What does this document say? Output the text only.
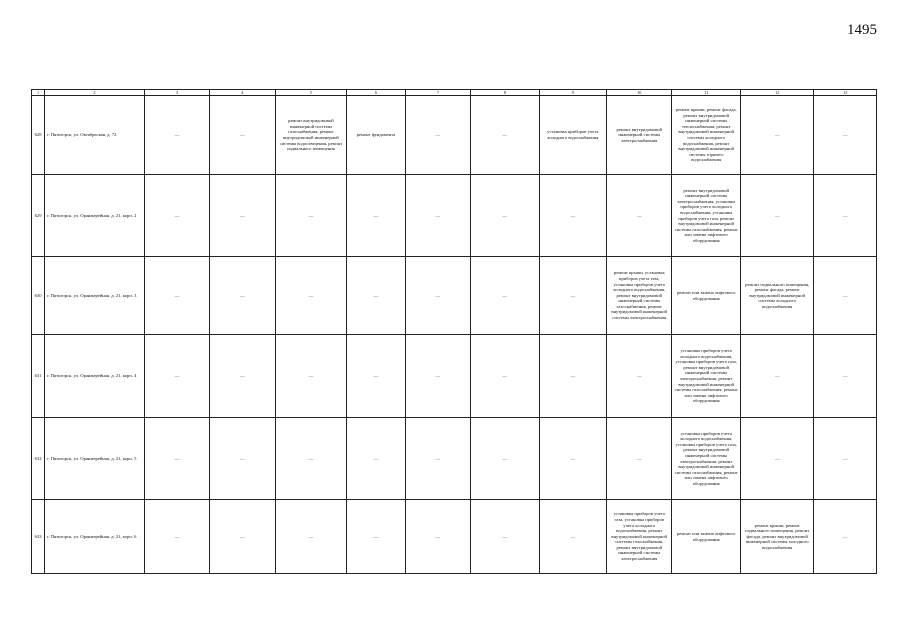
1495
1	2	3	4	5	6	7	8	9	10	11	12	13
628	г. Пятигорск, ул. Октябрьская, д. 72	—	—	ремонт внутридомовой инженерной системы газоснабжения, ремонт внутридомовой инженерной системы водоотведения, ремонт подвального помещения	ремонт фундамента	—	—	установка приборов учета холодного водоснабжения	ремонт внутридомовой инженерной системы электроснабжения	ремонт крыши, ремонт фасада, ремонт внутридомовой инженерной системы теплоснабжения, ремонт внутридомовой инженерной системы холодного водоснабжения, ремонт внутридомовой инженерной системы горячего водоснабжения	—	—
629	г. Пятигорск, ул. Оранжерейная, д. 21, корп. 2	—	—	—	—	—	—	—	—	ремонт внутридомовой инженерной системы электроснабжения, установка приборов учета холодного водоснабжения, установка приборов учета газа, ремонт внутридомовой инженерной системы газоснабжения, ремонт или замена лифтового оборудования	—	—
630	г. Пятигорск, ул. Оранжерейная, д. 21, корп. 3	—	—	—	—	—	—	—	ремонт крыши, установка приборов учета газа, установка приборов учета холодного водоснабжения, ремонт внутридомовой инженерной системы газоснабжения, ремонт внутридомовой инженерной системы электроснабжения	ремонт или замена лифтового оборудования	ремонт подвального помещения, ремонт фасада, ремонт внутридомовой инженерной системы холодного водоснабжения	—
631	г. Пятигорск, ул. Оранжерейная, д. 21, корп. 4	—	—	—	—	—	—	—	—	установка приборов учета холодного водоснабжения, установка приборов учета газа, ремонт внутридомовой инженерной системы электроснабжения, ремонт внутридомовой инженерной системы газоснабжения, ремонт или замена лифтового оборудования	—	—
632	г. Пятигорск, ул. Оранжерейная, д. 21, корп. 5	—	—	—	—	—	—	—	—	установка приборов учета холодного водоснабжения, установка приборов учета газа, ремонт внутридомовой инженерной системы электроснабжения, ремонт внутридомовой инженерной системы газоснабжения, ремонт или замена лифтового оборудования	—	—
633	г. Пятигорск, ул. Оранжерейная, д. 21, корп. 6	—	—	—	—	—	—	—	установка приборов учета газа, установка приборов учета холодного водоснабжения, ремонт внутридомовой инженерной системы газоснабжения, ремонт внутридомовой инженерной системы электроснабжения	ремонт или замена лифтового оборудования	ремонт крыши, ремонт подвального помещения, ремонт фасада, ремонт внутридомовой инженерной системы холодного водоснабжения	—
